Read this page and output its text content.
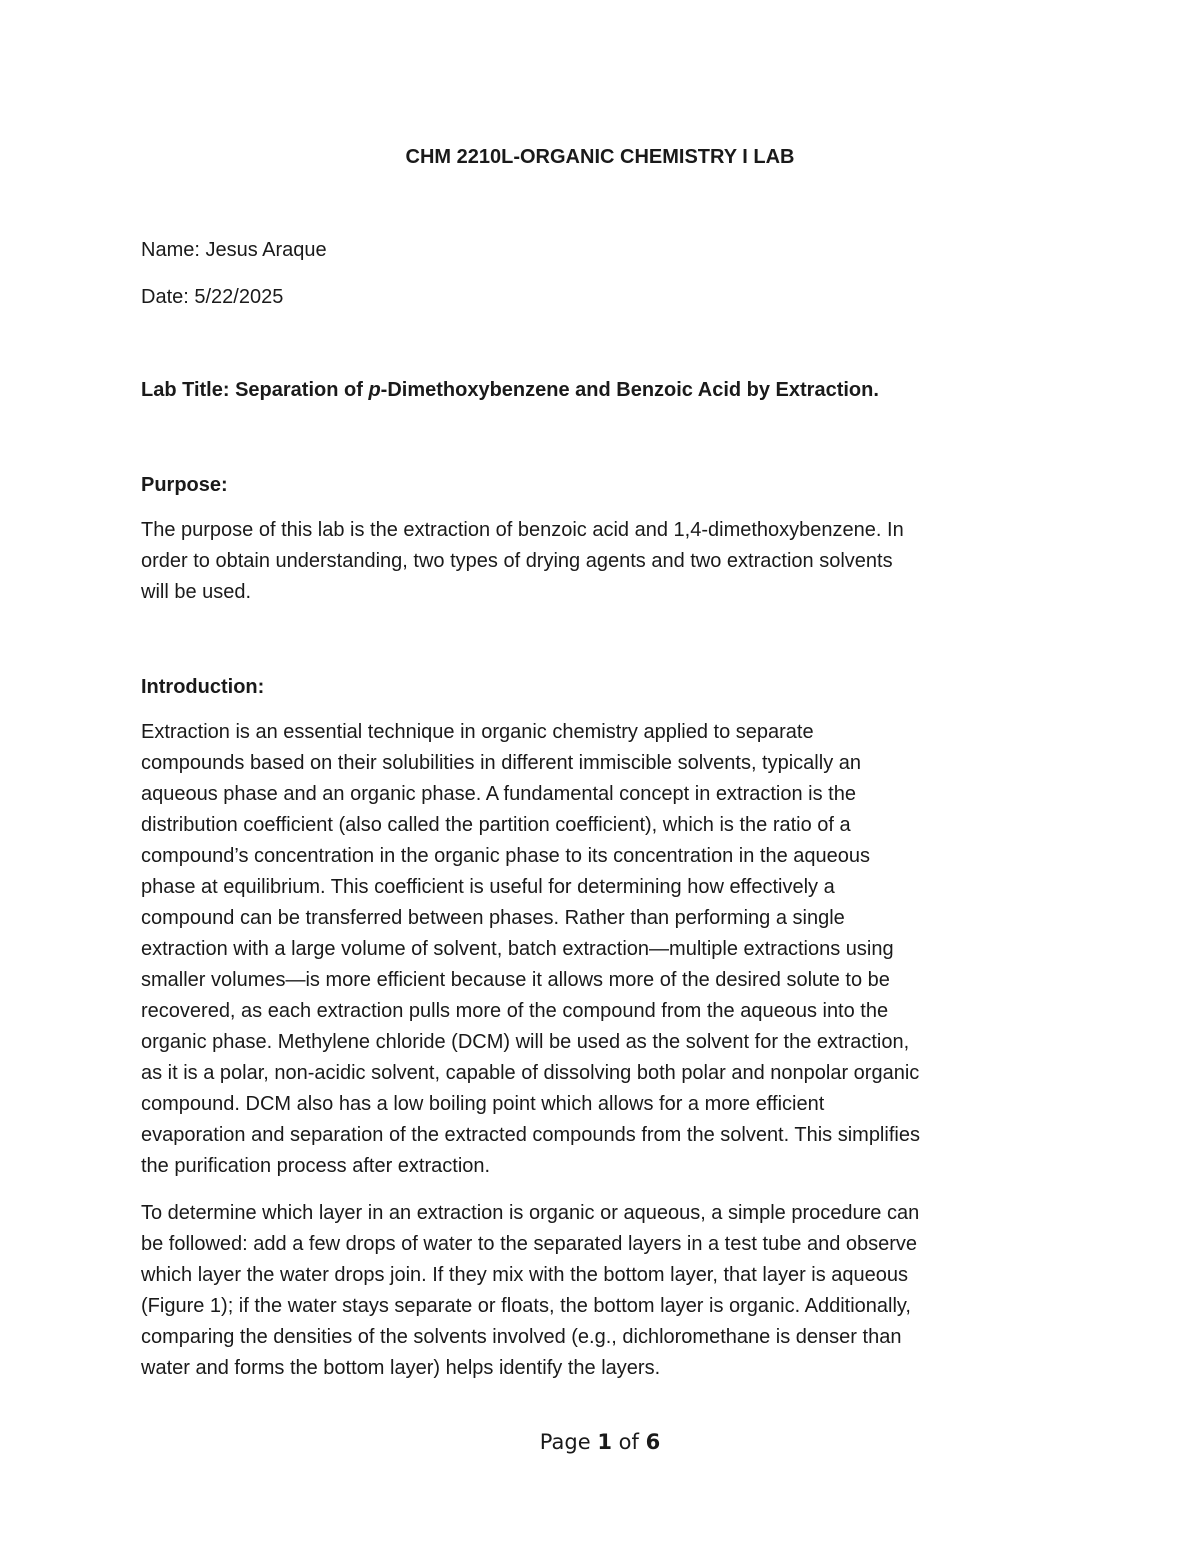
CHM 2210L-ORGANIC CHEMISTRY I LAB
Name: Jesus Araque
Date: 5/22/2025
Lab Title: Separation of p-Dimethoxybenzene and Benzoic Acid by Extraction.
Purpose:
The purpose of this lab is the extraction of benzoic acid and 1,4-dimethoxybenzene. In
order to obtain understanding, two types of drying agents and two extraction solvents
will be used.
Introduction:
Extraction is an essential technique in organic chemistry applied to separate
compounds based on their solubilities in different immiscible solvents, typically an
aqueous phase and an organic phase. A fundamental concept in extraction is the
distribution coefficient (also called the partition coefficient), which is the ratio of a
compound’s concentration in the organic phase to its concentration in the aqueous
phase at equilibrium. This coefficient is useful for determining how effectively a
compound can be transferred between phases. Rather than performing a single
extraction with a large volume of solvent, batch extraction—multiple extractions using
smaller volumes—is more efficient because it allows more of the desired solute to be
recovered, as each extraction pulls more of the compound from the aqueous into the
organic phase. Methylene chloride (DCM) will be used as the solvent for the extraction,
as it is a polar, non-acidic solvent, capable of dissolving both polar and nonpolar organic
compound. DCM also has a low boiling point which allows for a more efficient
evaporation and separation of the extracted compounds from the solvent. This simplifies
the purification process after extraction.
To determine which layer in an extraction is organic or aqueous, a simple procedure can
be followed: add a few drops of water to the separated layers in a test tube and observe
which layer the water drops join. If they mix with the bottom layer, that layer is aqueous
(Figure 1); if the water stays separate or floats, the bottom layer is organic. Additionally,
comparing the densities of the solvents involved (e.g., dichloromethane is denser than
water and forms the bottom layer) helps identify the layers.
Page 1 of 6
